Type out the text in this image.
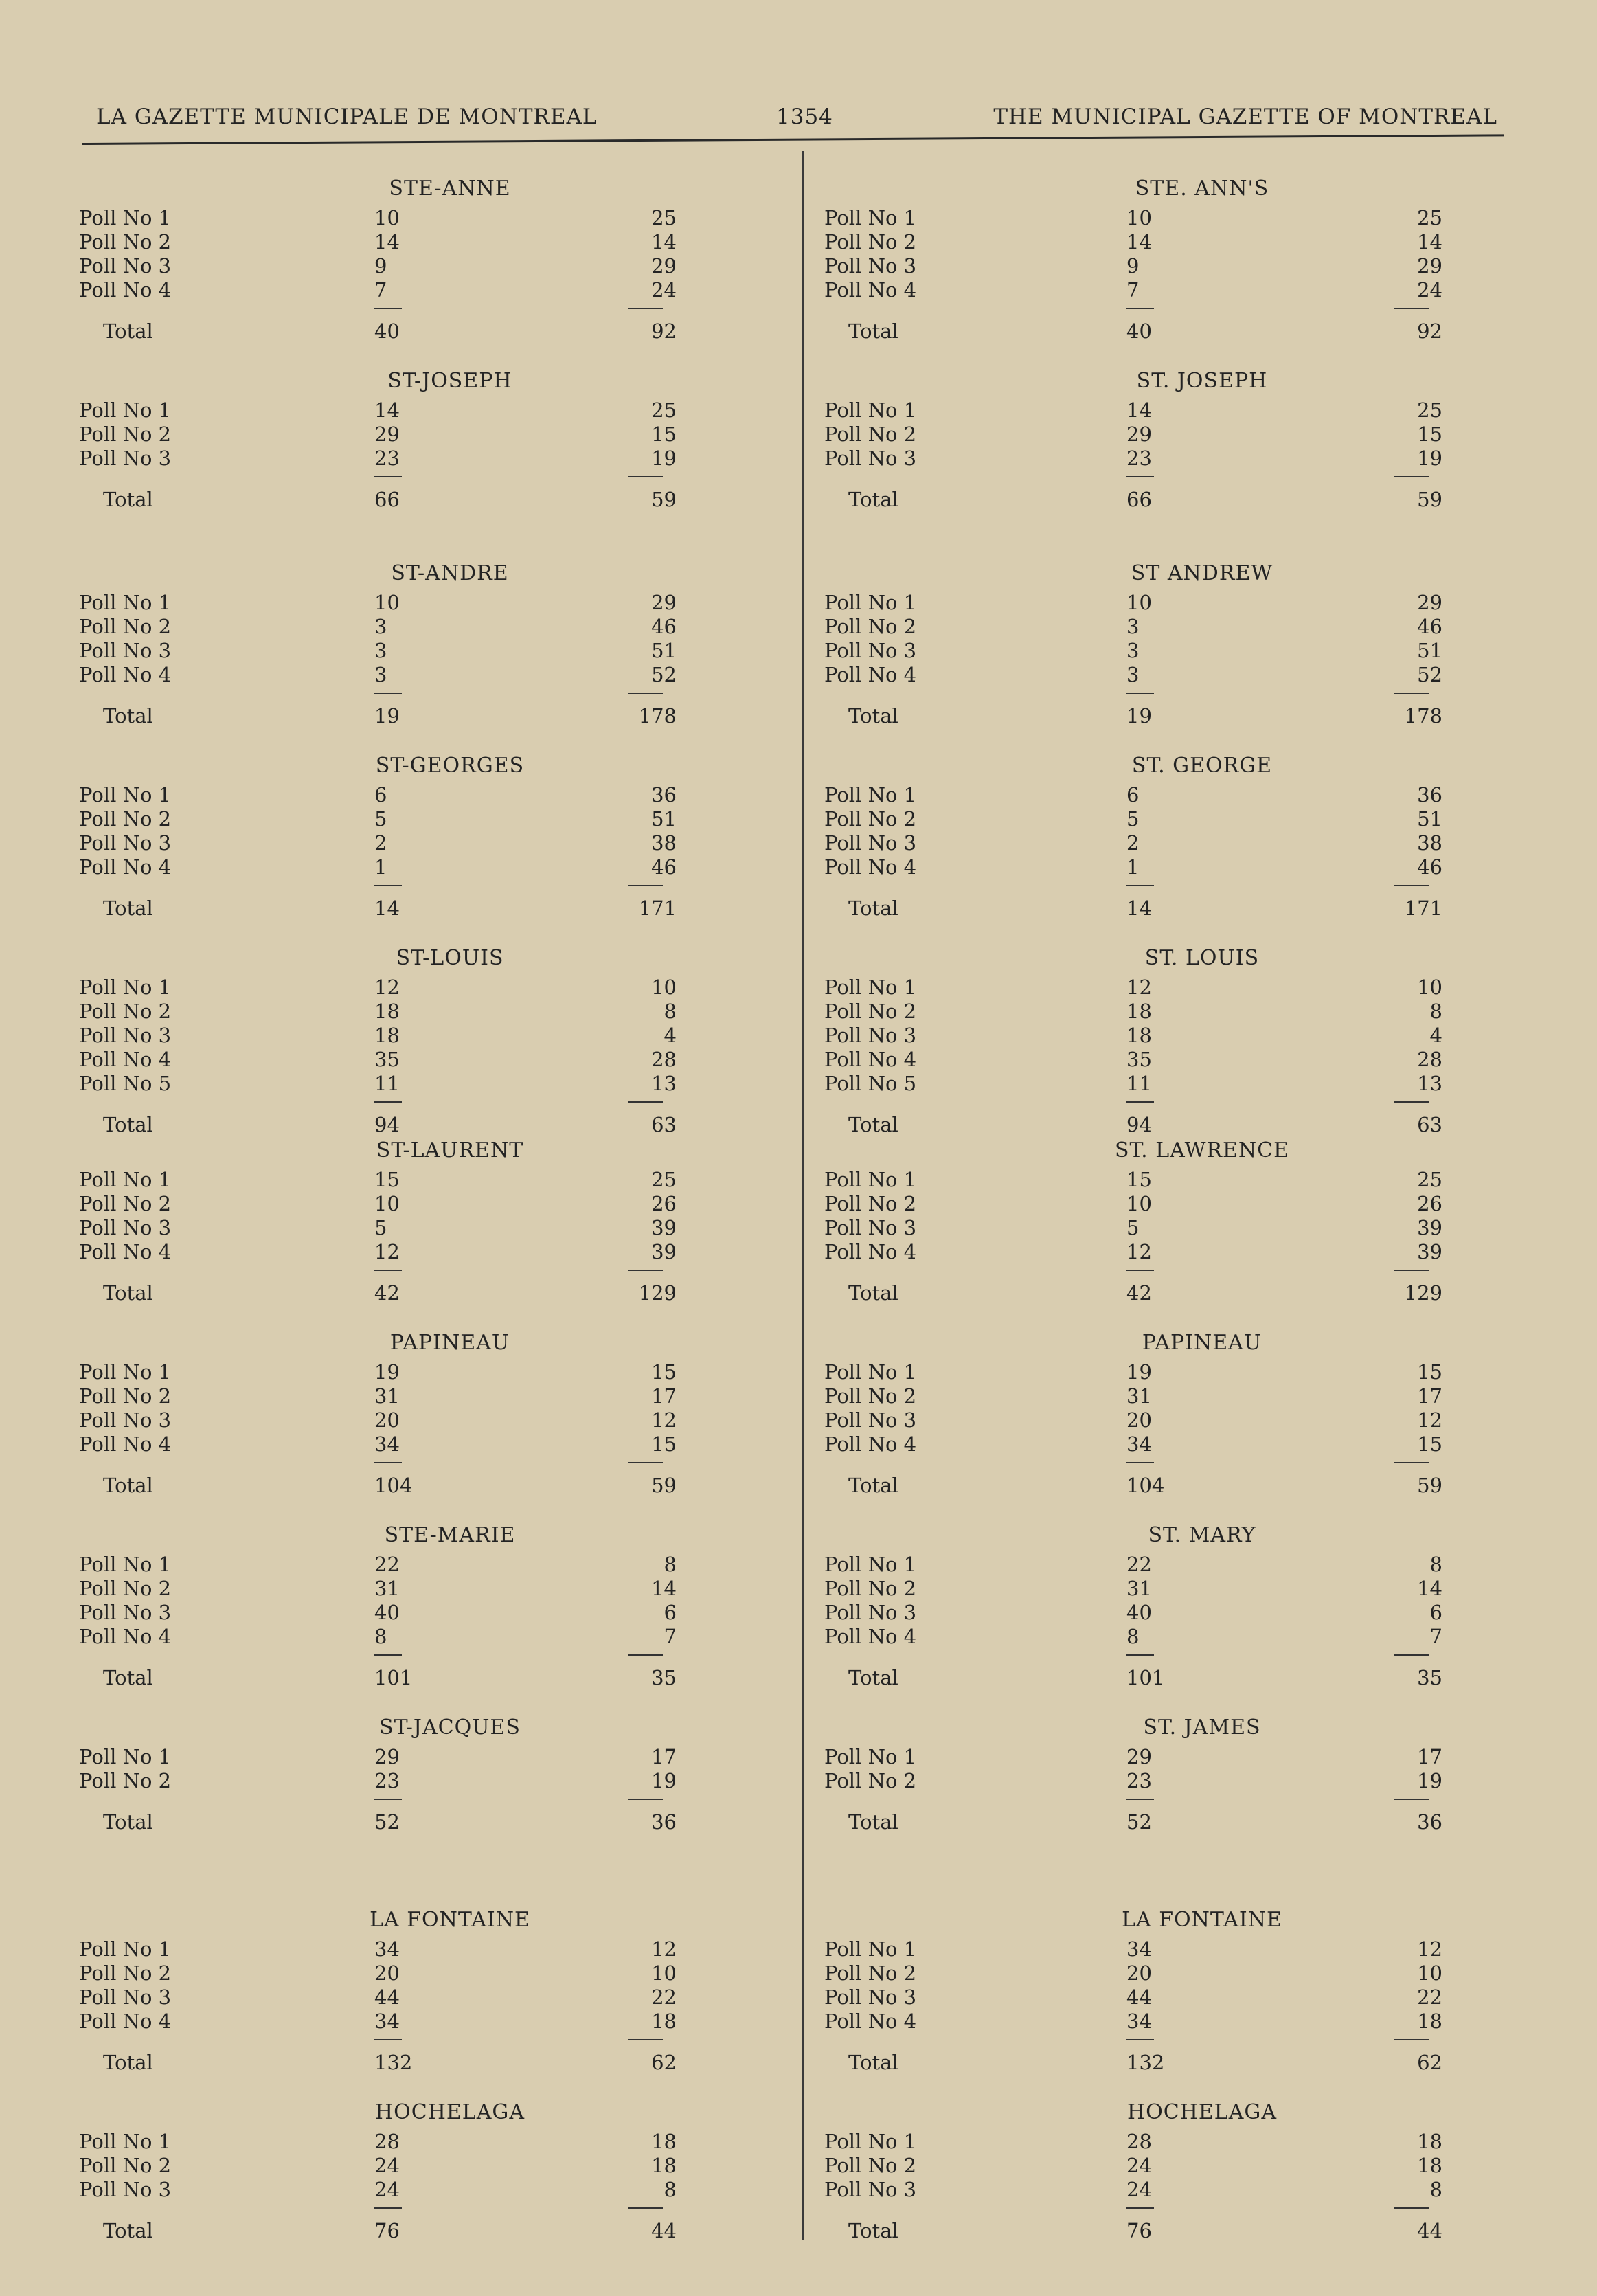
LA GAZETTE MUNICIPALE DE MONTREAL	1354	THE MUNICIPAL GAZETTE OF MONTREAL
STE-ANNE
Poll No 1	10	25
Poll No 2	14	14
Poll No 3	9	29
Poll No 4	7	24
Total	40	92
ST-JOSEPH
Poll No 1	14	25
Poll No 2	29	15
Poll No 3	23	19
Total	66	59
ST-ANDRE
Poll No 1	10	29
Poll No 2	3	46
Poll No 3	3	51
Poll No 4	3	52
Total	19	178
ST-GEORGES
Poll No 1	6	36
Poll No 2	5	51
Poll No 3	2	38
Poll No 4	1	46
Total	14	171
ST-LOUIS
Poll No 1	12	10
Poll No 2	18	8
Poll No 3	18	4
Poll No 4	35	28
Poll No 5	11	13
Total	94	63
ST-LAURENT
Poll No 1	15	25
Poll No 2	10	26
Poll No 3	5	39
Poll No 4	12	39
Total	42	129
PAPINEAU
Poll No 1	19	15
Poll No 2	31	17
Poll No 3	20	12
Poll No 4	34	15
Total	104	59
STE-MARIE
Poll No 1	22	8
Poll No 2	31	14
Poll No 3	40	6
Poll No 4	8	7
Total	101	35
ST-JACQUES
Poll No 1	29	17
Poll No 2	23	19
Total	52	36
LA FONTAINE
Poll No 1	34	12
Poll No 2	20	10
Poll No 3	44	22
Poll No 4	34	18
Total	132	62
HOCHELAGA
Poll No 1	28	18
Poll No 2	24	18
Poll No 3	24	8
Total	76	44
STE. ANN'S
Poll No 1	10	25
Poll No 2	14	14
Poll No 3	9	29
Poll No 4	7	24
Total	40	92
ST. JOSEPH
Poll No 1	14	25
Poll No 2	29	15
Poll No 3	23	19
Total	66	59
ST ANDREW
Poll No 1	10	29
Poll No 2	3	46
Poll No 3	3	51
Poll No 4	3	52
Total	19	178
ST. GEORGE
Poll No 1	6	36
Poll No 2	5	51
Poll No 3	2	38
Poll No 4	1	46
Total	14	171
ST. LOUIS
Poll No 1	12	10
Poll No 2	18	8
Poll No 3	18	4
Poll No 4	35	28
Poll No 5	11	13
Total	94	63
ST. LAWRENCE
Poll No 1	15	25
Poll No 2	10	26
Poll No 3	5	39
Poll No 4	12	39
Total	42	129
PAPINEAU
Poll No 1	19	15
Poll No 2	31	17
Poll No 3	20	12
Poll No 4	34	15
Total	104	59
ST. MARY
Poll No 1	22	8
Poll No 2	31	14
Poll No 3	40	6
Poll No 4	8	7
Total	101	35
ST. JAMES
Poll No 1	29	17
Poll No 2	23	19
Total	52	36
LA FONTAINE
Poll No 1	34	12
Poll No 2	20	10
Poll No 3	44	22
Poll No 4	34	18
Total	132	62
HOCHELAGA
Poll No 1	28	18
Poll No 2	24	18
Poll No 3	24	8
Total	76	44
